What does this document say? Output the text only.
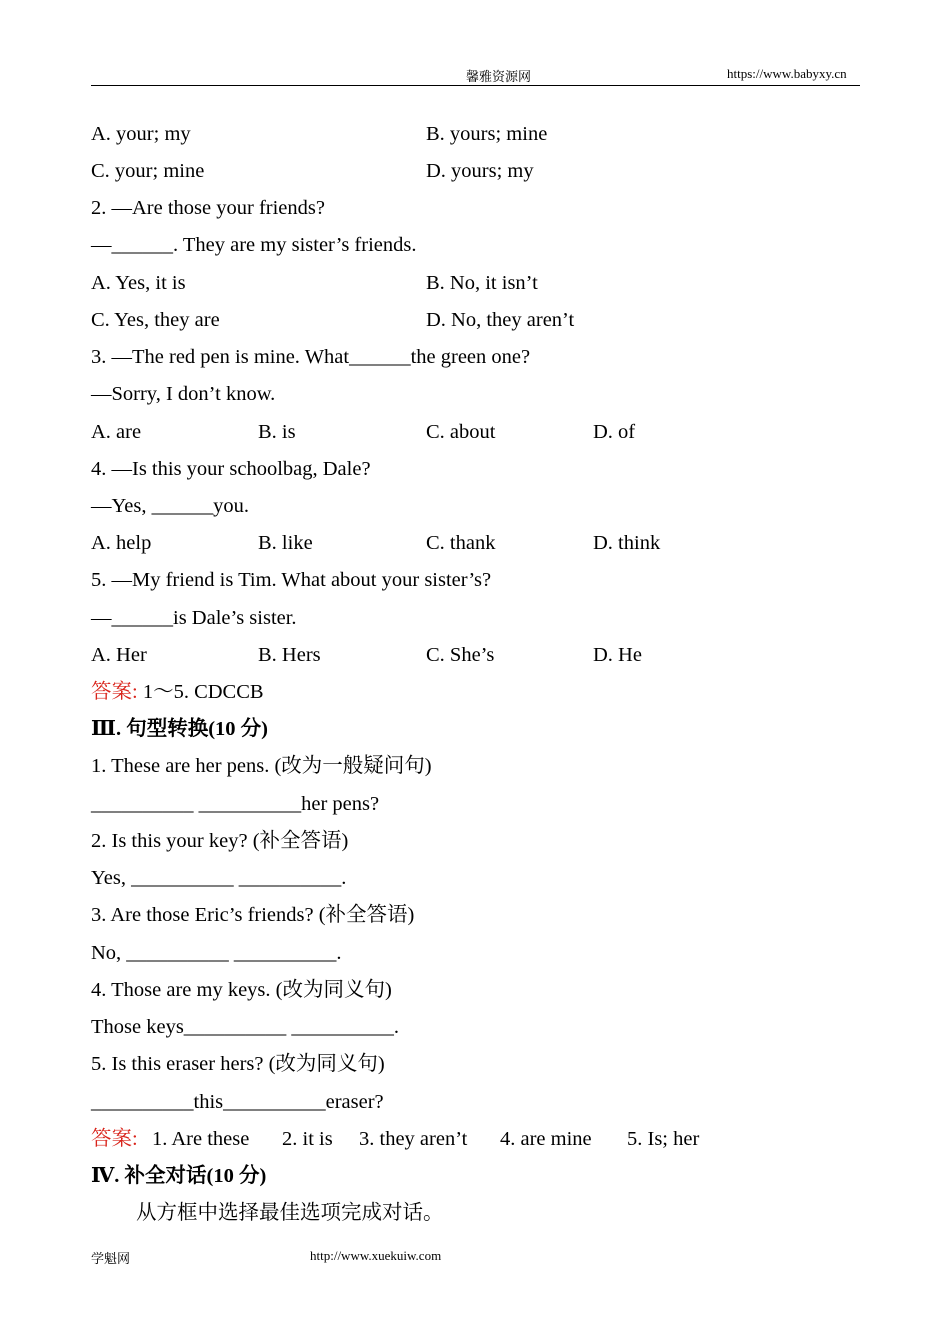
馨雅资源网	https://www.babyxy.cn
A. your; my	B. yours; mine
C. your; mine	D. yours; my
2. —Are those your friends?
—______. They are my sister’s friends.
A. Yes, it is	B. No, it isn’t
C. Yes, they are	D. No, they aren’t
3. —The red pen is mine. What______the green one?
—Sorry, I don’t know.
A. are	B. is	C. about	D. of
4. —Is this your schoolbag, Dale?
—Yes, ______you.
A. help	B. like	C. thank	D. think
5. —My friend is Tim. What about your sister’s?
—______is Dale’s sister.
A. Her	B. Hers	C. She’s	D. He
答案: 1～5. CDCCB
Ⅲ. 句型转换(10 分)
1. These are her pens. (改为一般疑问句)
__________ __________her pens?
2. Is this your key? (补全答语)
Yes, __________ __________.
3. Are those Eric’s friends? (补全答语)
No, __________ __________.
4. Those are my keys. (改为同义句)
Those keys__________ __________.
5. Is this eraser hers? (改为同义句)
__________this__________eraser?
答案: 1. Are these 2. it is 3. they aren’t 4. are mine 5. Is; her
Ⅳ. 补全对话(10 分)
从方框中选择最佳选项完成对话。
学魁网	http://www.xuekuiw.com
